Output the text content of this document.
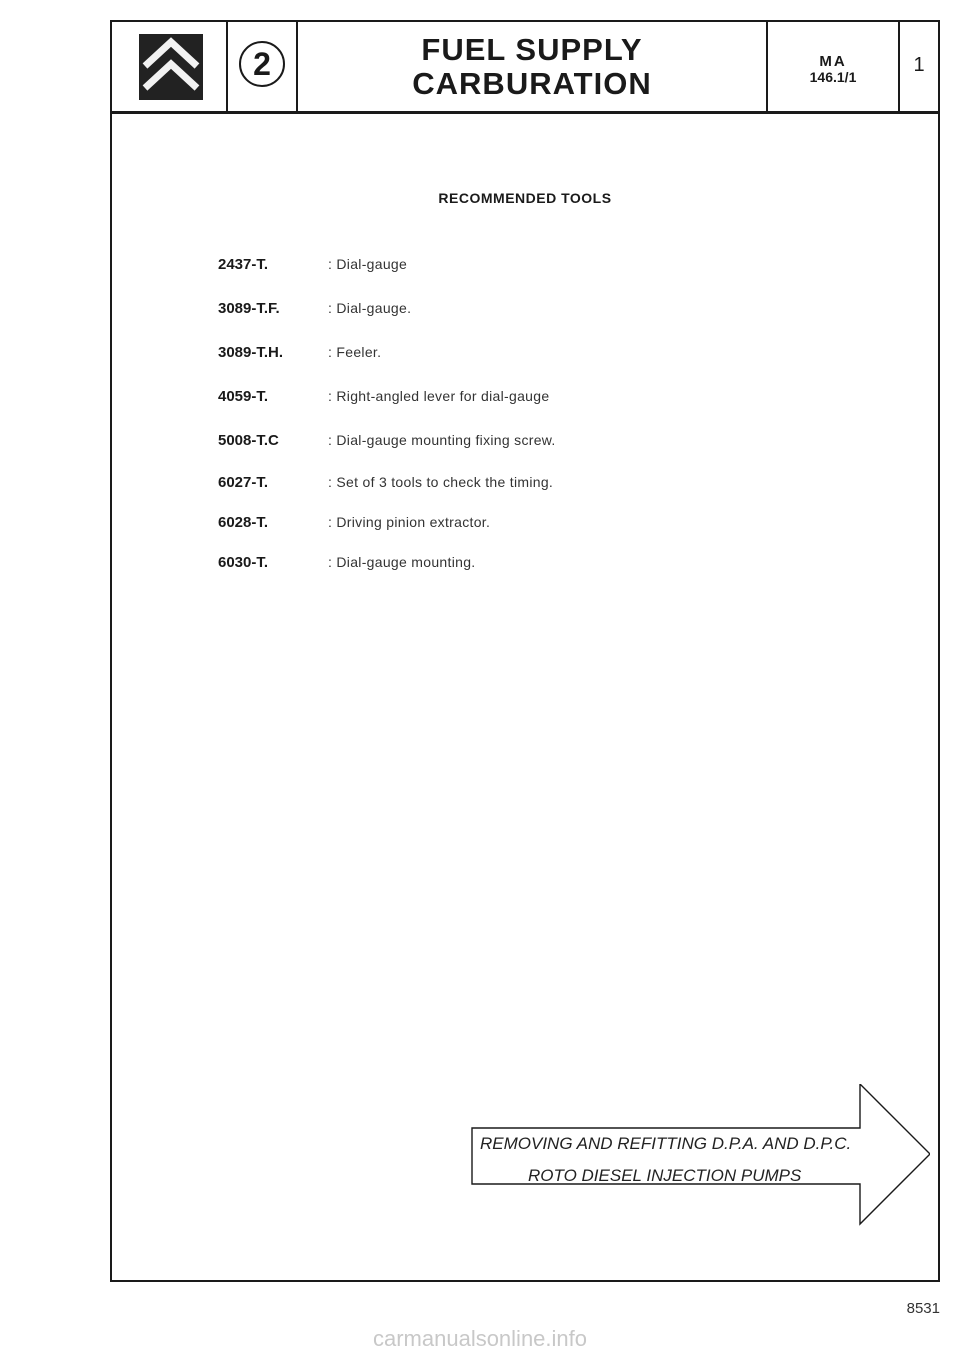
2	FUEL SUPPLY
CARBURATION
MA
146.1/1
1
RECOMMENDED TOOLS
2437-T.	: Dial-gauge
3089-T.F.	: Dial-gauge.
3089-T.H.	: Feeler.
4059-T.	: Right-angled lever for dial-gauge
5008-T.C	: Dial-gauge mounting fixing screw.
6027-T.	: Set of 3 tools to check the timing.
6028-T.	: Driving pinion extractor.
6030-T.	: Dial-gauge mounting.
REMOVING AND REFITTING D.P.A. AND D.P.C.
ROTO DIESEL INJECTION PUMPS
8531
carmanualsonline.info
